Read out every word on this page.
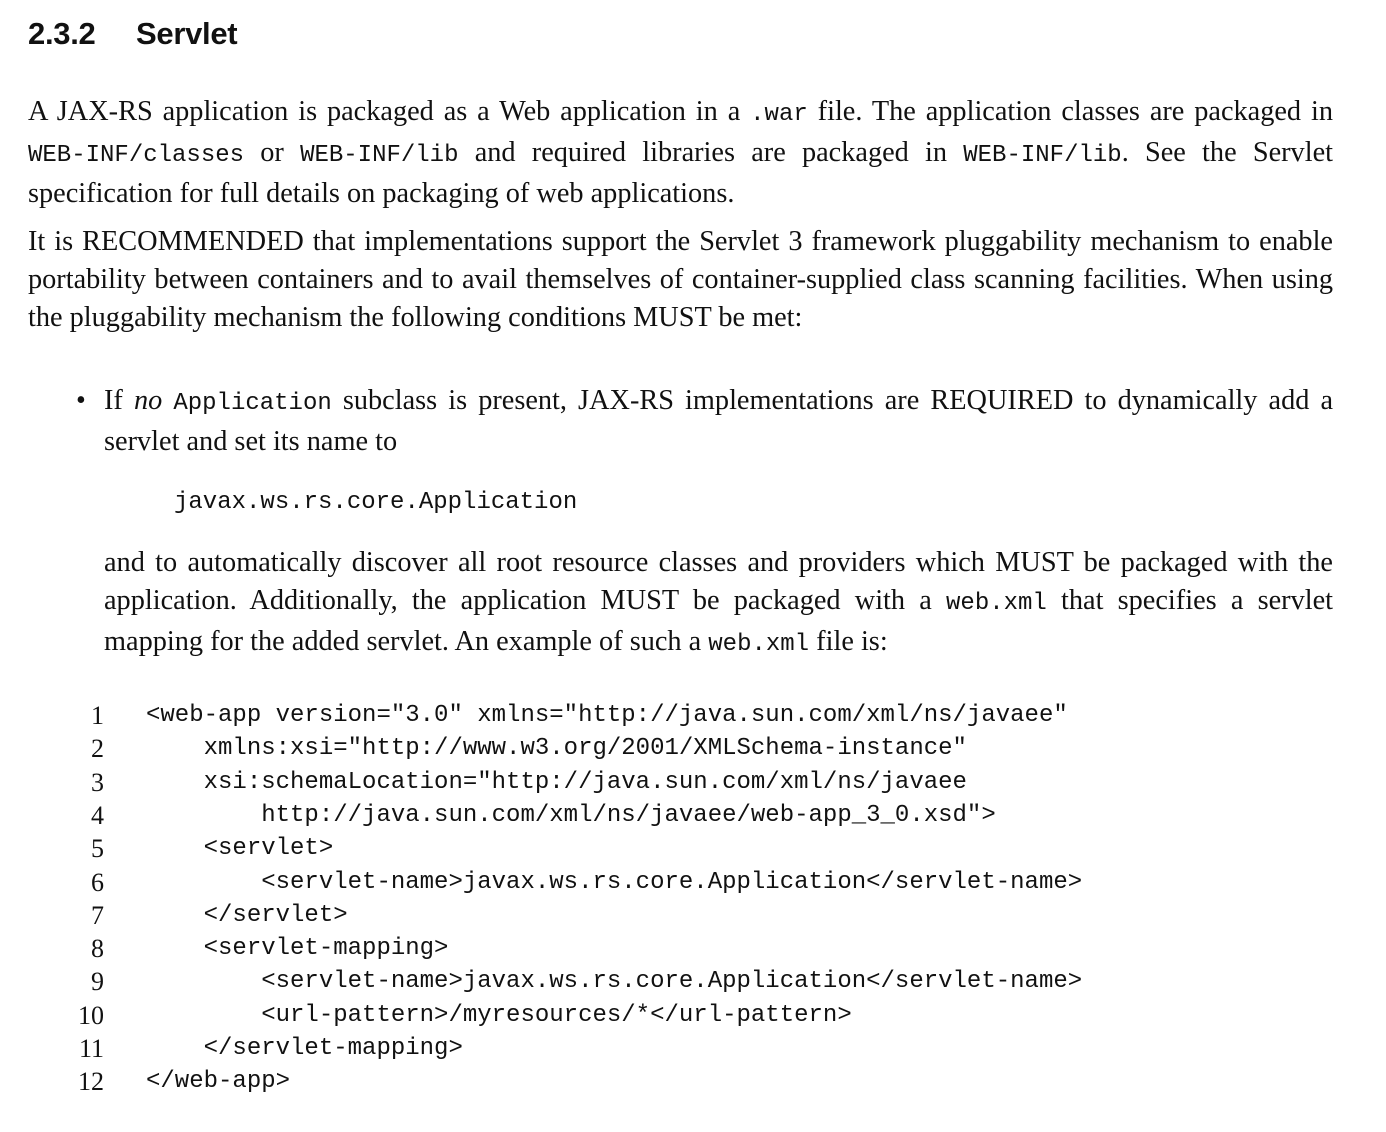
2.3.2 Servlet

A JAX-RS application is packaged as a Web application in a .war file. The application classes are packaged in WEB-INF/classes or WEB-INF/lib and required libraries are packaged in WEB-INF/lib. See the Servlet specification for full details on packaging of web applications.

It is RECOMMENDED that implementations support the Servlet 3 framework pluggability mechanism to enable portability between containers and to avail themselves of container-supplied class scanning facilities. When using the pluggability mechanism the following conditions MUST be met:

• If no Application subclass is present, JAX-RS implementations are REQUIRED to dynamically add a servlet and set its name to

and to automatically discover all root resource classes and providers which MUST be packaged with the application. Additionally, the application MUST be packaged with a web.xml that specifies a servlet mapping for the added servlet. An example of such a web.xml file is:

javax.ws.rs.core.Application

1 <web-app version="3.0" xmlns="http://java.sun.com/xml/ns/javaee"
2 xmlns:xsi="http://www.w3.org/2001/XMLSchema-instance"
3 xsi:schemaLocation="http://java.sun.com/xml/ns/javaee
4 http://java.sun.com/xml/ns/javaee/web-app_3_0.xsd">
5 <servlet>
6 <servlet-name>javax.ws.rs.core.Application</servlet-name>
7 </servlet>
8 <servlet-mapping>
9 <servlet-name>javax.ws.rs.core.Application</servlet-name>
10 <url-pattern>/myresources/*</url-pattern>
11 </servlet-mapping>
12 </web-app>
